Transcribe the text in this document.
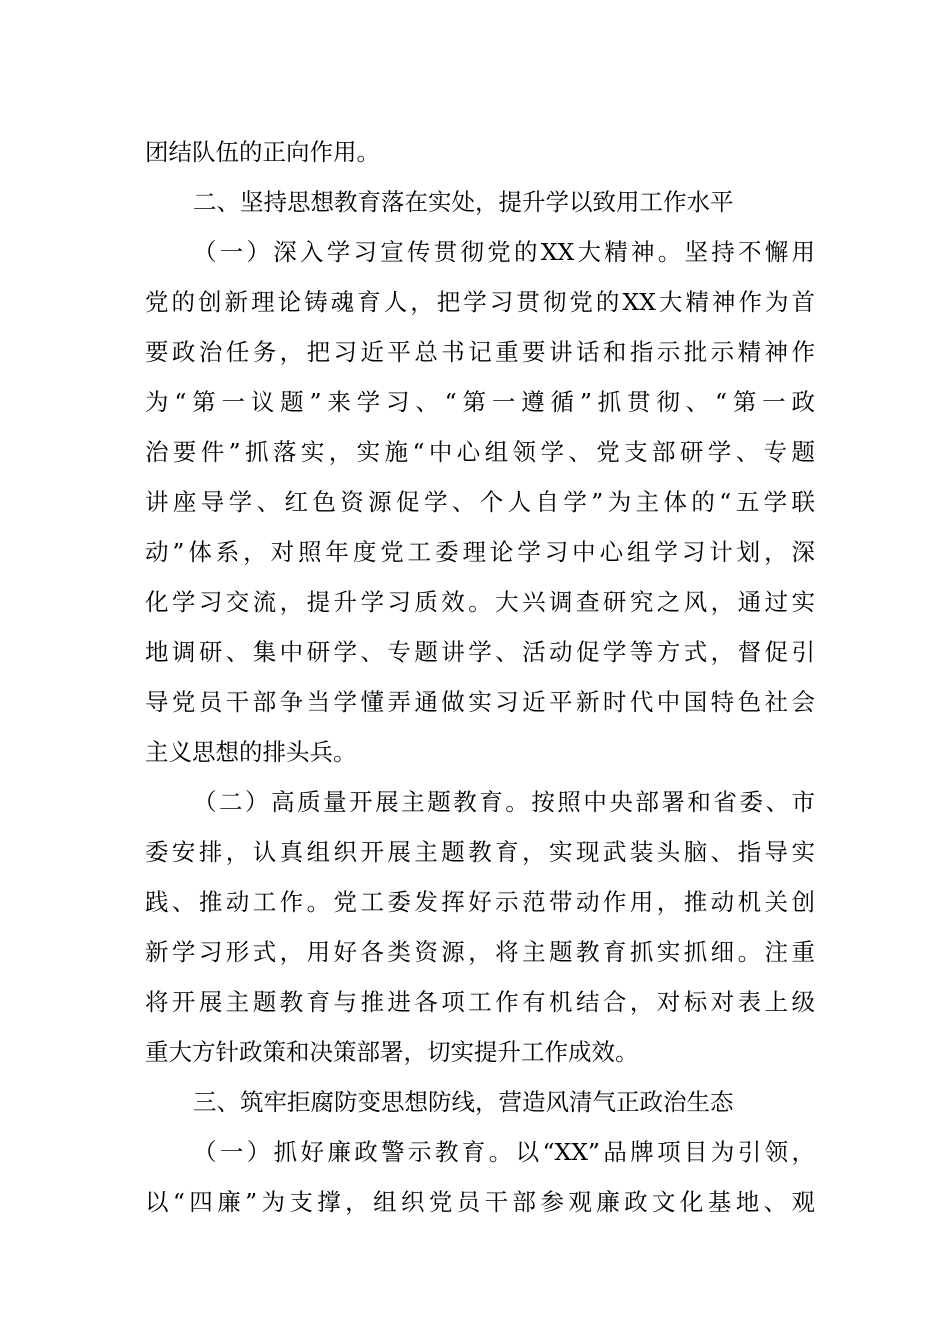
团结队伍的正向作用。
二、坚持思想教育落在实处，提升学以致用工作水平
（一）深入学习宣传贯彻党的XX大精神。坚持不懈用
党的创新理论铸魂育人，把学习贯彻党的XX大精神作为首
要政治任务，把习近平总书记重要讲话和指示批示精神作
为“第一议题”来学习、“第一遵循”抓贯彻、“第一政
治要件”抓落实，实施“中心组领学、党支部研学、专题
讲座导学、红色资源促学、个人自学”为主体的“五学联
动”体系，对照年度党工委理论学习中心组学习计划，深
化学习交流，提升学习质效。大兴调查研究之风，通过实
地调研、集中研学、专题讲学、活动促学等方式，督促引
导党员干部争当学懂弄通做实习近平新时代中国特色社会
主义思想的排头兵。
（二）高质量开展主题教育。按照中央部署和省委、市
委安排，认真组织开展主题教育，实现武装头脑、指导实
践、推动工作。党工委发挥好示范带动作用，推动机关创
新学习形式，用好各类资源，将主题教育抓实抓细。注重
将开展主题教育与推进各项工作有机结合，对标对表上级
重大方针政策和决策部署，切实提升工作成效。
三、筑牢拒腐防变思想防线，营造风清气正政治生态
（一）抓好廉政警示教育。以“XX”品牌项目为引领，
以“四廉”为支撑，组织党员干部参观廉政文化基地、观
